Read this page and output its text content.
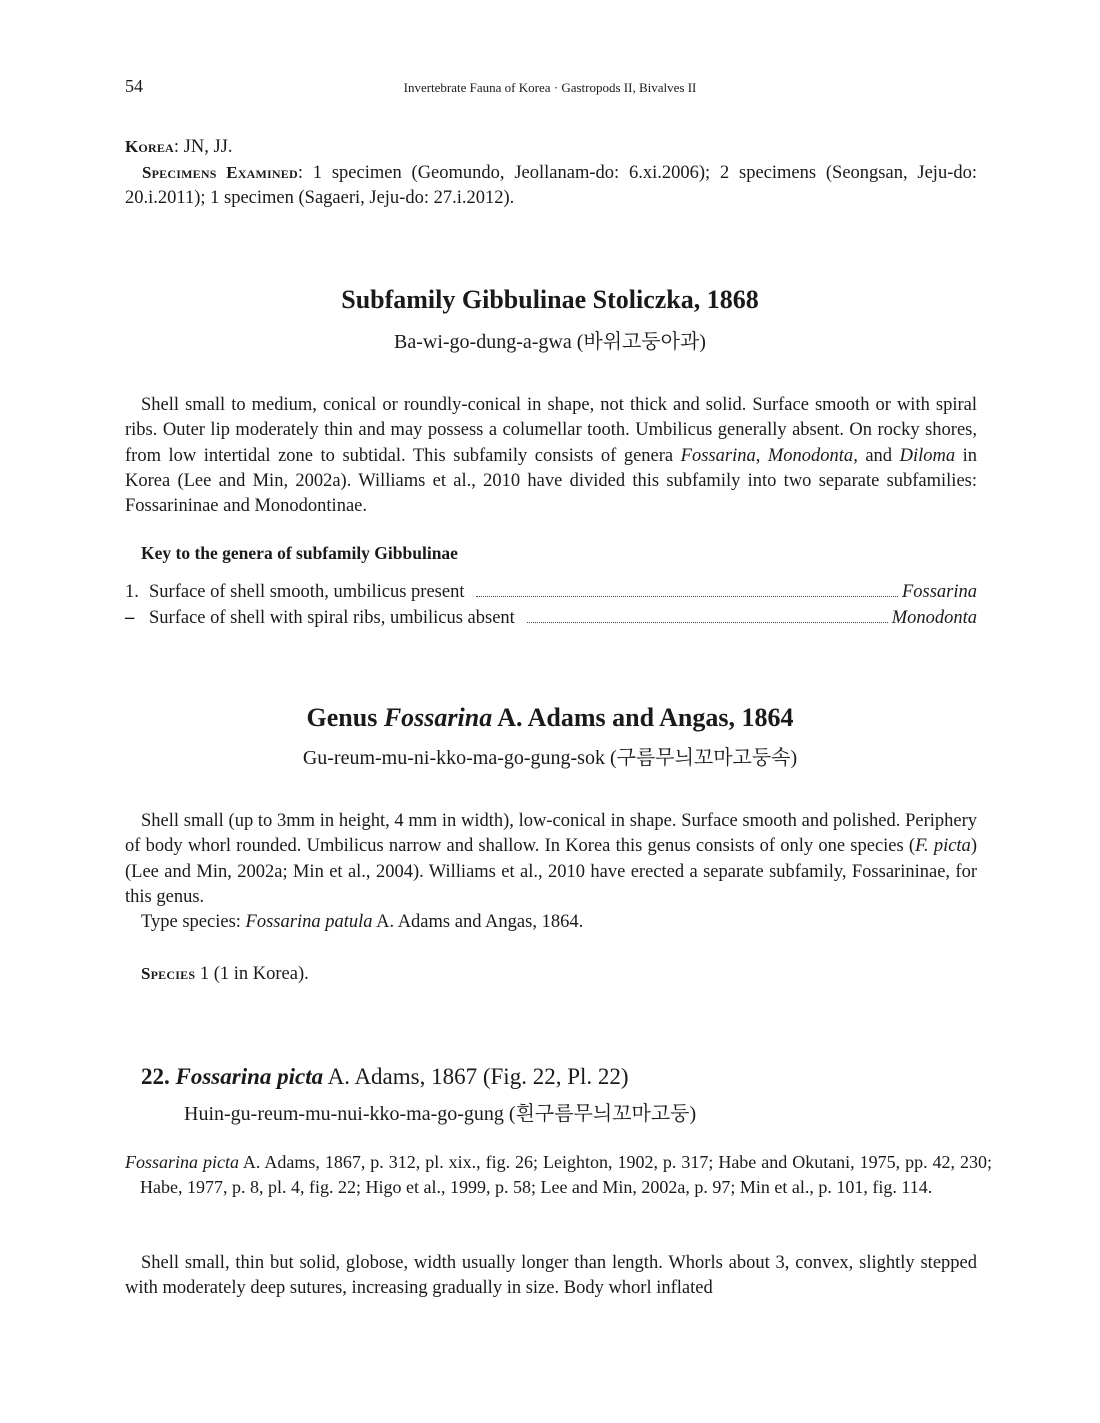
54	Invertebrate Fauna of Korea · Gastropods II, Bivalves II
Korea: JN, JJ.
Specimens Examined: 1 specimen (Geomundo, Jeollanam-do: 6.xi.2006); 2 specimens (Seongsan, Jeju-do: 20.i.2011); 1 specimen (Sagaeri, Jeju-do: 27.i.2012).
Subfamily Gibbulinae Stoliczka, 1868
Ba-wi-go-dung-a-gwa (바위고둥아과)
Shell small to medium, conical or roundly-conical in shape, not thick and solid. Surface smooth or with spiral ribs. Outer lip moderately thin and may possess a columellar tooth. Umbilicus generally absent. On rocky shores, from low intertidal zone to subtidal. This subfamily consists of genera Fossarina, Monodonta, and Diloma in Korea (Lee and Min, 2002a). Williams et al., 2010 have divided this subfamily into two separate subfamilies: Fossarininae and Monodontinae.
Key to the genera of subfamily Gibbulinae
1. Surface of shell smooth, umbilicus present	Fossarina
– Surface of shell with spiral ribs, umbilicus absent	Monodonta
Genus Fossarina A. Adams and Angas, 1864
Gu-reum-mu-ni-kko-ma-go-gung-sok (구름무늬꼬마고둥속)
Shell small (up to 3mm in height, 4 mm in width), low-conical in shape. Surface smooth and polished. Periphery of body whorl rounded. Umbilicus narrow and shallow. In Korea this genus consists of only one species (F. picta) (Lee and Min, 2002a; Min et al., 2004). Williams et al., 2010 have erected a separate subfamily, Fossarininae, for this genus.
Type species: Fossarina patula A. Adams and Angas, 1864.
Species 1 (1 in Korea).
22. Fossarina picta A. Adams, 1867 (Fig. 22, Pl. 22)
Huin-gu-reum-mu-nui-kko-ma-go-gung (흰구름무늬꼬마고둥)
Fossarina picta A. Adams, 1867, p. 312, pl. xix., fig. 26; Leighton, 1902, p. 317; Habe and Okutani, 1975, pp. 42, 230; Habe, 1977, p. 8, pl. 4, fig. 22; Higo et al., 1999, p. 58; Lee and Min, 2002a, p. 97; Min et al., p. 101, fig. 114.
Shell small, thin but solid, globose, width usually longer than length. Whorls about 3, convex, slightly stepped with moderately deep sutures, increasing gradually in size. Body whorl inflated
